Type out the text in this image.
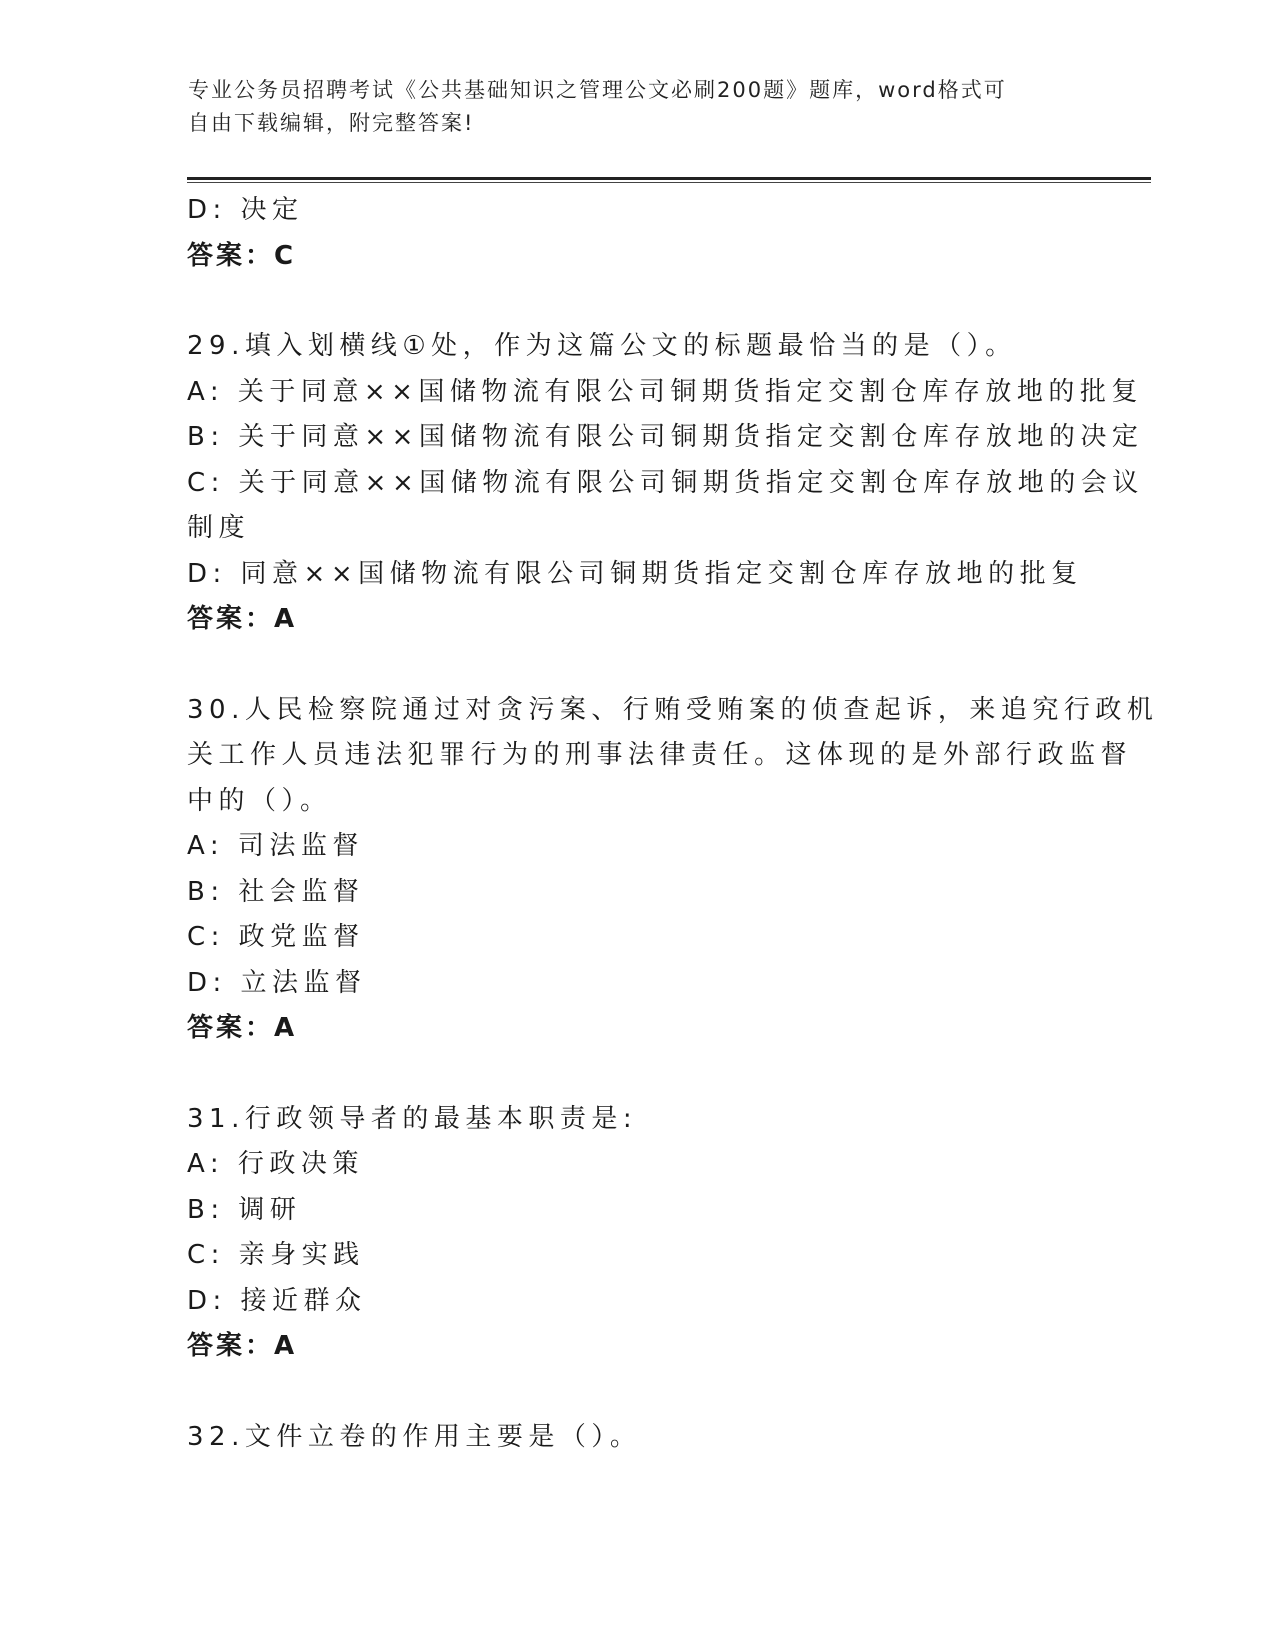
专业公务员招聘考试《公共基础知识之管理公文必刷200题》题库，word格式可
自由下载编辑，附完整答案!
D: 决定
答案：C
29.填入划横线①处，作为这篇公文的标题最恰当的是（）。
A: 关于同意××国储物流有限公司铜期货指定交割仓库存放地的批复
B: 关于同意××国储物流有限公司铜期货指定交割仓库存放地的决定
C: 关于同意××国储物流有限公司铜期货指定交割仓库存放地的会议
制度
D: 同意××国储物流有限公司铜期货指定交割仓库存放地的批复
答案：A
30.人民检察院通过对贪污案、行贿受贿案的侦查起诉，来追究行政机
关工作人员违法犯罪行为的刑事法律责任。这体现的是外部行政监督
中的（）。
A: 司法监督
B: 社会监督
C: 政党监督
D: 立法监督
答案：A
31.行政领导者的最基本职责是:
A: 行政决策
B: 调研
C: 亲身实践
D: 接近群众
答案：A
32.文件立卷的作用主要是（）。
